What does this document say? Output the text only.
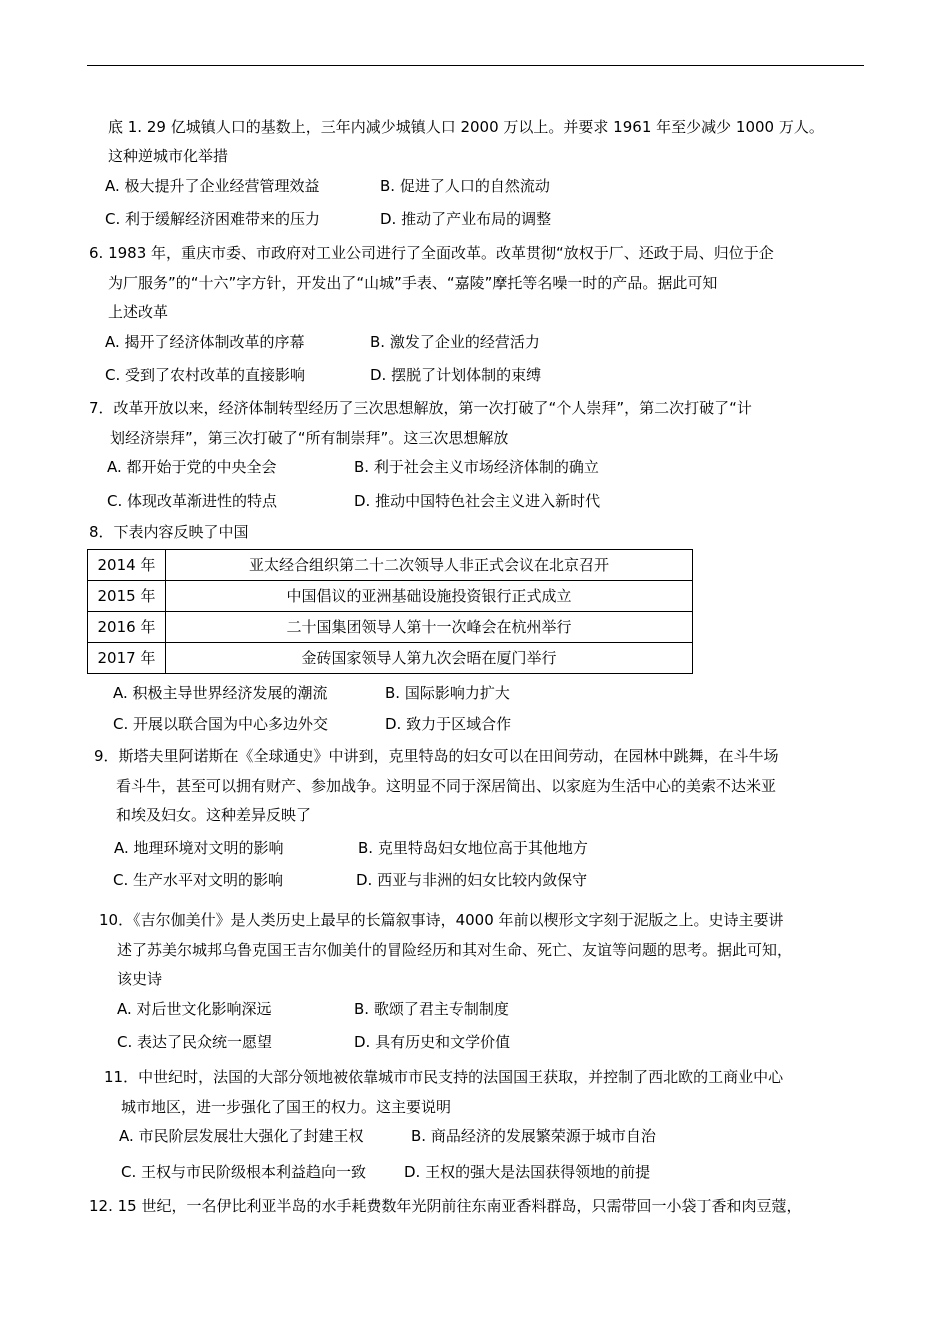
底 1. 29 亿城镇人口的基数上，三年内减少城镇人口 2000 万以上。并要求 1961 年至少减少 1000 万人。
这种逆城市化举措
A. 极大提升了企业经营管理效益	B. 促进了人口的自然流动
C. 利于缓解经济困难带来的压力	D. 推动了产业布局的调整
6. 1983 年，重庆市委、市政府对工业公司进行了全面改革。改革贯彻“放权于厂、还政于局、归位于企
为厂服务”的“十六”字方针，开发出了“山城”手表、“嘉陵”摩托等名噪一时的产品。据此可知
上述改革
A. 揭开了经济体制改革的序幕	B. 激发了企业的经营活力
C. 受到了农村改革的直接影响	D. 摆脱了计划体制的束缚
7．改革开放以来，经济体制转型经历了三次思想解放，第一次打破了“个人崇拜”，第二次打破了“计
划经济崇拜”，第三次打破了“所有制崇拜”。这三次思想解放
A. 都开始于党的中央全会	B. 利于社会主义市场经济体制的确立
C. 体现改革渐进性的特点	D. 推动中国特色社会主义进入新时代
8．下表内容反映了中国
2014 年	亚太经合组织第二十二次领导人非正式会议在北京召开
2015 年	中国倡议的亚洲基础设施投资银行正式成立
2016 年	二十国集团领导人第十一次峰会在杭州举行
2017 年	金砖国家领导人第九次会晤在厦门举行
A. 积极主导世界经济发展的潮流	B. 国际影响力扩大
C. 开展以联合国为中心多边外交	D. 致力于区域合作
9．斯塔夫里阿诺斯在《全球通史》中讲到，克里特岛的妇女可以在田间劳动，在园林中跳舞，在斗牛场
看斗牛，甚至可以拥有财产、参加战争。这明显不同于深居简出、以家庭为生活中心的美索不达米亚
和埃及妇女。这种差异反映了
A. 地理环境对文明的影响	B. 克里特岛妇女地位高于其他地方
C. 生产水平对文明的影响	D. 西亚与非洲的妇女比较内敛保守
10．《吉尔伽美什》是人类历史上最早的长篇叙事诗，4000 年前以楔形文字刻于泥版之上。史诗主要讲
述了苏美尔城邦乌鲁克国王吉尔伽美什的冒险经历和其对生命、死亡、友谊等问题的思考。据此可知，
该史诗
A. 对后世文化影响深远	B. 歌颂了君主专制制度
C. 表达了民众统一愿望	D. 具有历史和文学价值
11．中世纪时，法国的大部分领地被依靠城市市民支持的法国国王获取，并控制了西北欧的工商业中心
城市地区，进一步强化了国王的权力。这主要说明
A. 市民阶层发展壮大强化了封建王权	B. 商品经济的发展繁荣源于城市自治
C. 王权与市民阶级根本利益趋向一致	D. 王权的强大是法国获得领地的前提
12. 15 世纪，一名伊比利亚半岛的水手耗费数年光阴前往东南亚香料群岛，只需带回一小袋丁香和肉豆蔻，
